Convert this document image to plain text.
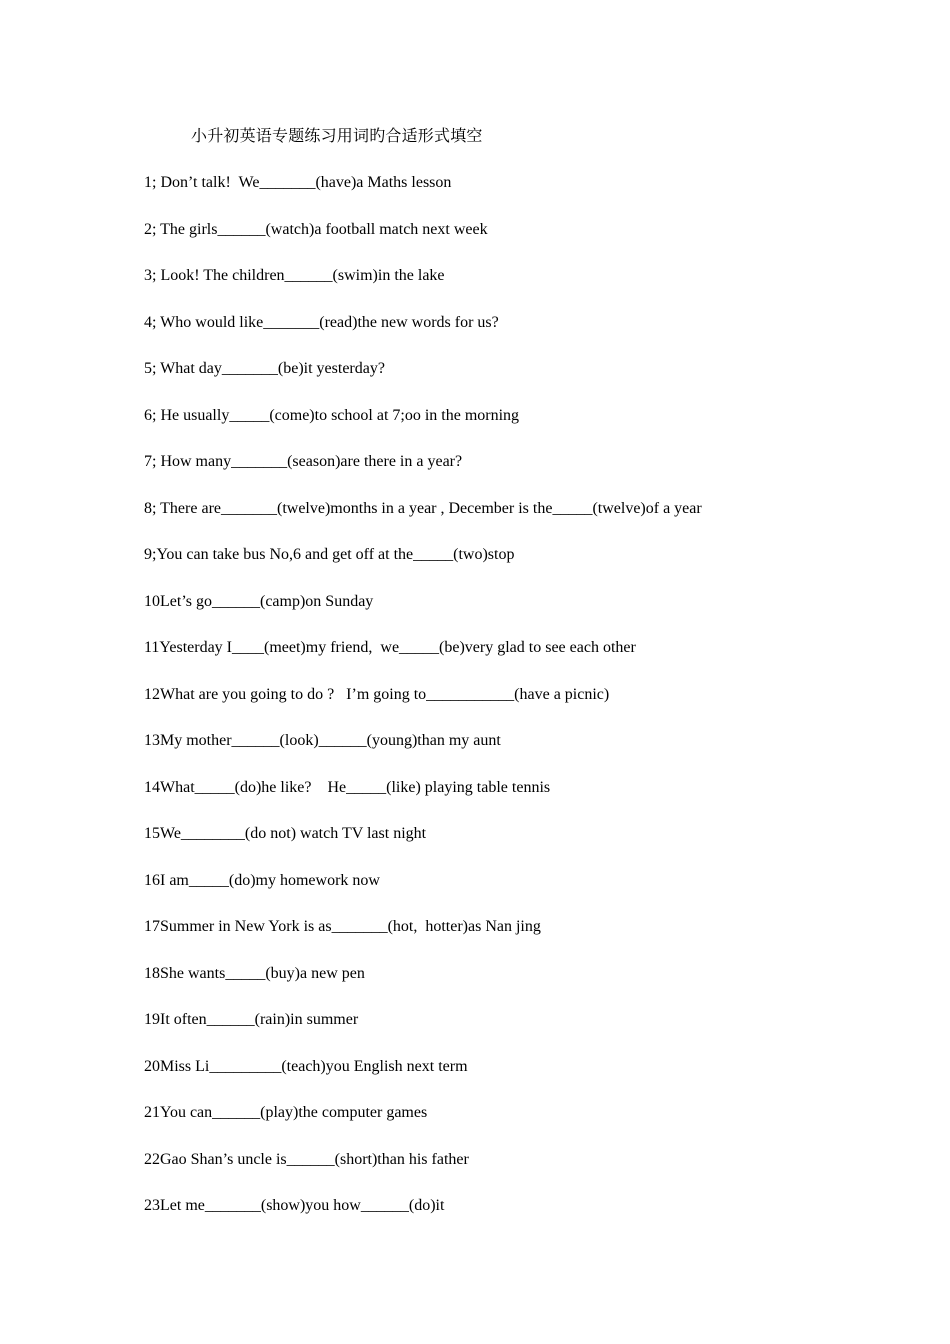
小升初英语专题练习用词旳合适形式填空
1; Don’t talk!  We_______(have)a Maths lesson
2; The girls______(watch)a football match next week
3; Look! The children______(swim)in the lake
4; Who would like_______(read)the new words for us?
5; What day_______(be)it yesterday?
6; He usually_____(come)to school at 7;oo in the morning
7; How many_______(season)are there in a year?
8; There are_______(twelve)months in a year , December is the_____(twelve)of a year
9;You can take bus No,6 and get off at the_____(two)stop
10Let’s go______(camp)on Sunday
11Yesterday I____(meet)my friend,  we_____(be)very glad to see each other
12What are you going to do ?   I’m going to___________(have a picnic)
13My mother______(look)______(young)than my aunt
14What_____(do)he like?    He_____(like) playing table tennis
15We________(do not) watch TV last night
16I am_____(do)my homework now
17Summer in New York is as_______(hot,  hotter)as Nan jing
18She wants_____(buy)a new pen
19It often______(rain)in summer
20Miss Li_________(teach)you English next term
21You can______(play)the computer games
22Gao Shan’s uncle is______(short)than his father
23Let me_______(show)you how______(do)it
